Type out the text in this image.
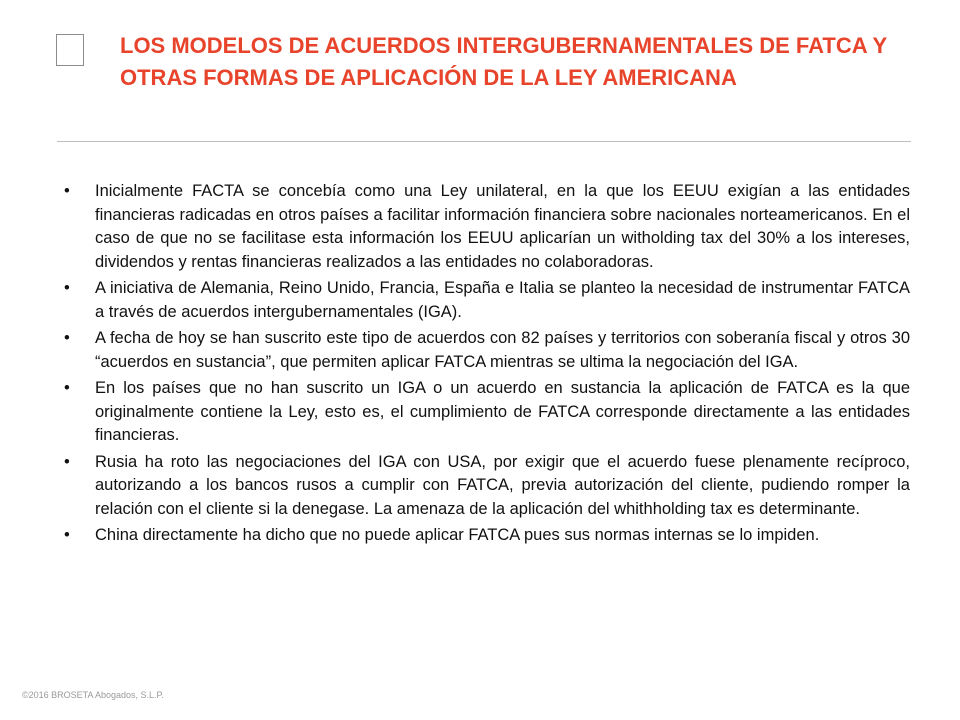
LOS MODELOS DE ACUERDOS INTERGUBERNAMENTALES DE FATCA Y OTRAS FORMAS DE APLICACIÓN DE LA LEY AMERICANA
•	Inicialmente FACTA se concebía como una Ley unilateral, en la que los EEUU exigían a las entidades financieras radicadas en otros países a facilitar información financiera sobre nacionales norteamericanos. En el caso de que no se facilitase esta información los EEUU aplicarían un witholding tax del 30% a los intereses, dividendos y rentas financieras realizados a las entidades no colaboradoras.
•	A iniciativa de Alemania, Reino Unido, Francia, España e Italia se planteo la necesidad de instrumentar FATCA a través de acuerdos intergubernamentales (IGA).
•	A fecha de hoy se han suscrito este tipo de acuerdos con 82 países y territorios con soberanía fiscal y otros 30 “acuerdos en sustancia”, que permiten aplicar FATCA mientras se ultima la negociación del IGA.
•	En los países que no han suscrito un IGA o un acuerdo en sustancia la aplicación de FATCA es la que originalmente contiene la Ley, esto es, el cumplimiento de FATCA corresponde directamente a las entidades financieras.
•	Rusia ha roto las negociaciones del IGA con USA, por exigir que el acuerdo fuese plenamente recíproco, autorizando a los bancos rusos a cumplir con FATCA, previa autorización del cliente, pudiendo romper la relación con el cliente si la denegase. La amenaza de la aplicación del whithholding tax es determinante.
•	China directamente ha dicho que no puede aplicar FATCA pues sus normas internas se lo impiden.
©2016 BROSETA Abogados, S.L.P.
